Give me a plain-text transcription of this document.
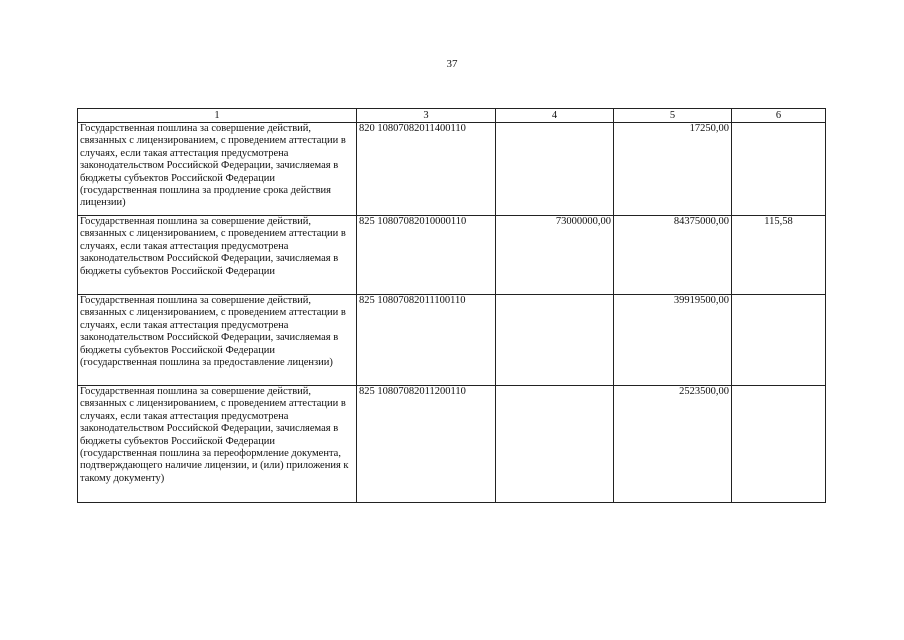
37
1	3	4	5	6
Государственная пошлина за совершение действий, связанных с лицензированием, с проведением аттестации в случаях, если такая аттестация предусмотрена законодательством Российской Федерации, зачисляемая в бюджеты субъектов Российской Федерации (государственная пошлина за продление срока действия лицензии)	820 10807082011400110		17250,00	
Государственная пошлина за совершение действий, связанных с лицензированием, с проведением аттестации в случаях, если такая аттестация предусмотрена законодательством Российской Федерации, зачисляемая в бюджеты субъектов Российской Федерации	825 10807082010000110	73000000,00	84375000,00	115,58
Государственная пошлина за совершение действий, связанных с лицензированием, с проведением аттестации в случаях, если такая аттестация предусмотрена законодательством Российской Федерации, зачисляемая в бюджеты субъектов Российской Федерации (государственная пошлина за предоставление лицензии)	825 10807082011100110		39919500,00	
Государственная пошлина за совершение действий, связанных с лицензированием, с проведением аттестации в случаях, если такая аттестация предусмотрена законодательством Российской Федерации, зачисляемая в бюджеты субъектов Российской Федерации (государственная пошлина за переоформление документа, подтверждающего наличие лицензии, и (или) приложения к такому документу)	825 10807082011200110		2523500,00	
